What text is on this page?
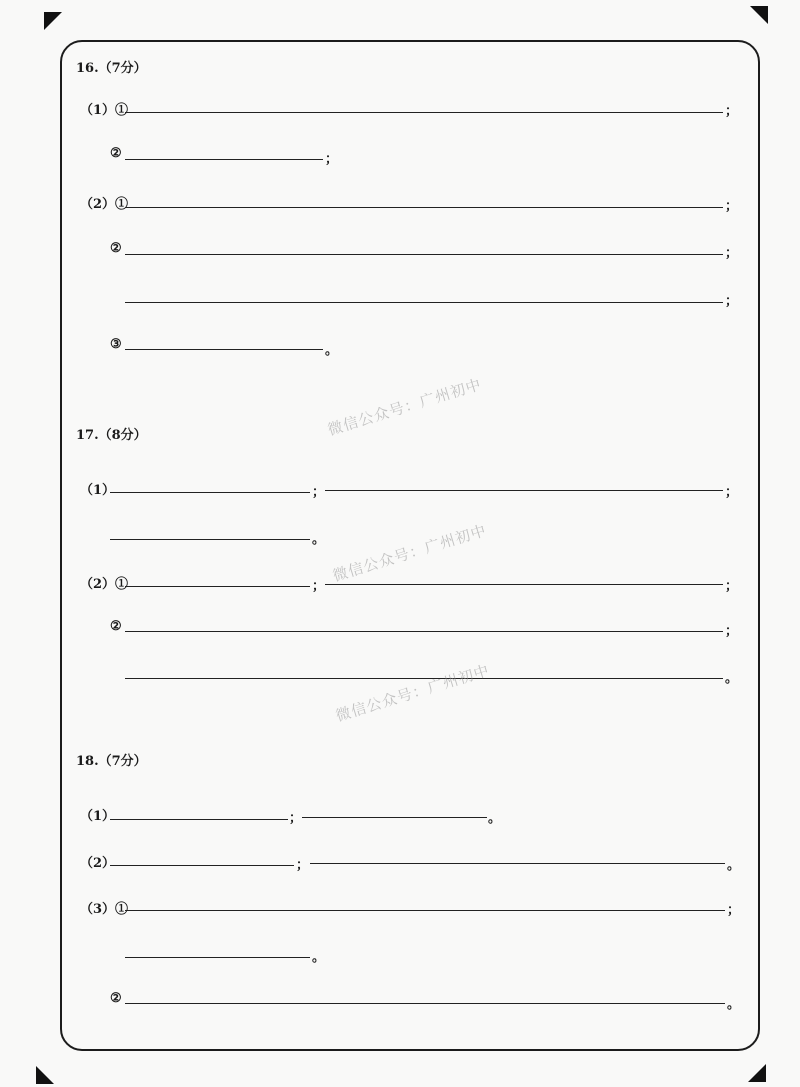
16.（7分）
（1）①	；
②	；
（2）①	；
②	；
；
③	。
17.（8分）
（1）	；	；
。
（2）①	；	；
②	；
。
18.（7分）
（1）	；	。
（2）	；	。
（3）①	；
。
②	。
微信公众号：广州初中
微信公众号：广州初中
微信公众号：广州初中
